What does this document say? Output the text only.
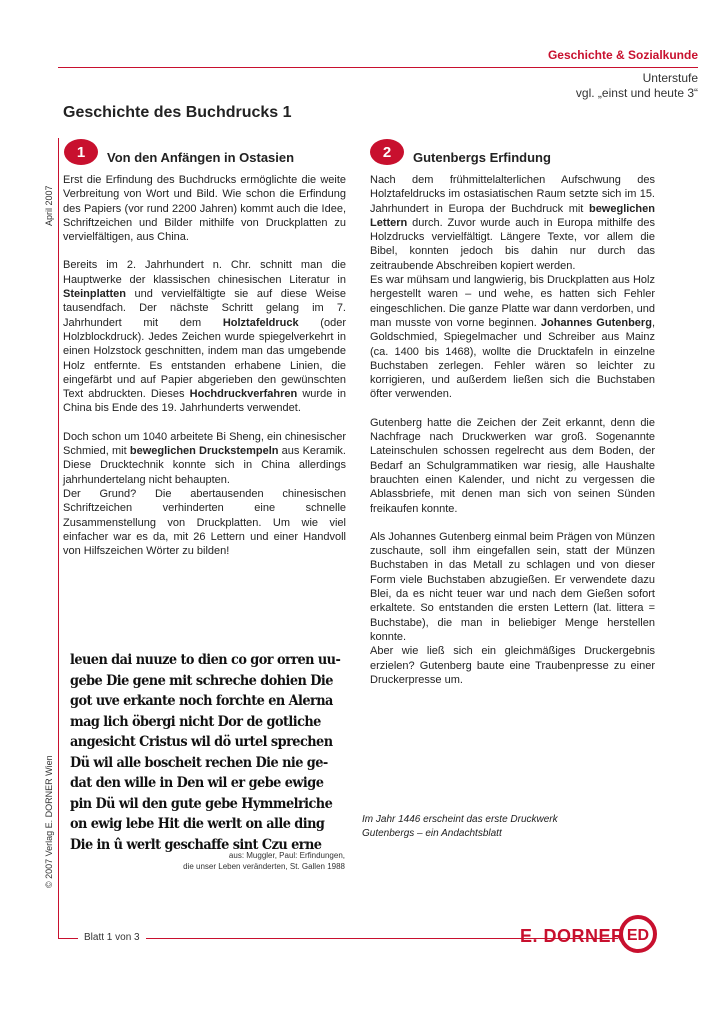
Geschichte & Sozialkunde
Unterstufe
vgl. „einst und heute 3“
Geschichte des Buchdrucks 1
April 2007
© 2007 Verlag E. DORNER Wien
1	Von den Anfängen in Ostasien

Erst die Erfindung des Buchdrucks ermöglichte die weite Verbreitung von Wort und Bild. Wie schon die Erfindung des Papiers (vor rund 2200 Jahren) kommt auch die Idee, Schriftzeichen und Bilder mithilfe von Druckplatten zu vervielfältigen, aus China.

Bereits im 2. Jahrhundert n. Chr. schnitt man die Hauptwerke der klassischen chinesischen Literatur in Steinplatten und vervielfältigte sie auf diese Weise tausendfach. Der nächste Schritt gelang im 7. Jahrhundert mit dem Holztafeldruck (oder Holzblockdruck). Jedes Zeichen wurde spiegelverkehrt in einen Holzstock geschnitten, indem man das umgebende Holz entfernte. Es entstanden erhabene Linien, die eingefärbt und auf Papier abgerieben den gewünschten Text abdruckten. Dieses Hochdruckverfahren wurde in China bis Ende des 19. Jahrhunderts verwendet.

Doch schon um 1040 arbeitete Bi Sheng, ein chinesischer Schmied, mit beweglichen Druckstempeln aus Keramik. Diese Drucktechnik konnte sich in China allerdings jahrhundertelang nicht behaupten.

Der Grund? Die abertausenden chinesischen Schriftzeichen verhinderten eine schnelle Zusammenstellung von Druckplatten. Um wie viel einfacher war es da, mit 26 Lettern und einer Handvoll von Hilfszeichen Wörter zu bilden!

2	Gutenbergs Erfindung

Nach dem frühmittelalterlichen Aufschwung des Holztafeldrucks im ostasiatischen Raum setzte sich im 15. Jahrhundert in Europa der Buchdruck mit beweglichen Lettern durch. Zuvor wurde auch in Europa mithilfe des Holzdrucks vervielfältigt. Längere Texte, vor allem die Bibel, konnten jedoch bis dahin nur durch das zeitraubende Abschreiben kopiert werden.

Es war mühsam und langwierig, bis Druckplatten aus Holz hergestellt waren – und wehe, es hatten sich Fehler eingeschlichen. Die ganze Platte war dann verdorben, und man musste von vorne beginnen. Johannes Gutenberg, Goldschmied, Spiegelmacher und Schreiber aus Mainz (ca. 1400 bis 1468), wollte die Drucktafeln in einzelne Buchstaben zerlegen. Fehler wären so leichter zu korrigieren, und außerdem ließen sich die Buchstaben öfter verwenden.

Gutenberg hatte die Zeichen der Zeit erkannt, denn die Nachfrage nach Druckwerken war groß. Sogenannte Lateinschulen schossen regelrecht aus dem Boden, der Bedarf an Schulgrammatiken war riesig, alle Haushalte brauchten einen Kalender, und nicht zu vergessen die Ablassbriefe, mit denen man sich von seinen Sünden freikaufen konnte.

Als Johannes Gutenberg einmal beim Prägen von Münzen zuschaute, soll ihm eingefallen sein, statt der Münzen Buchstaben in das Metall zu schlagen und von dieser Form viele Buchstaben abzugießen. Er verwendete dazu Blei, da es nicht teuer war und nach dem Gießen sofort erkaltete. So entstanden die ersten Lettern (lat. littera = Buchstabe), die man in beliebiger Menge herstellen konnte.

Aber wie ließ sich ein gleichmäßiges Druckergebnis erzielen? Gutenberg baute eine Traubenpresse zu einer Druckerpresse um.

leuen dai nuuze to dien co gor orren uu-
gebe Die gene mit schreche dohien Die
got uve erkante noch forchte en Alerna
mag lich öbergi nicht Dor de gotliche
angesicht Cristus wil dö urtel sprechen
Dü wil alle boscheit rechen Die nie ge-
dat den wille in Den wil er gebe ewige
pin Dü wil den gute gebe Hymmelriche
on ewig lebe Hit die werlt on alle ding
Die in û werlt geschaffe sint Czu erne
aus: Muggler, Paul: Erfindungen,
die unser Leben veränderten, St. Gallen 1988
Im Jahr 1446 erscheint das erste Druckwerk
Gutenbergs – ein Andachtsblatt
Blatt 1 von 3	E. DORNER ED
